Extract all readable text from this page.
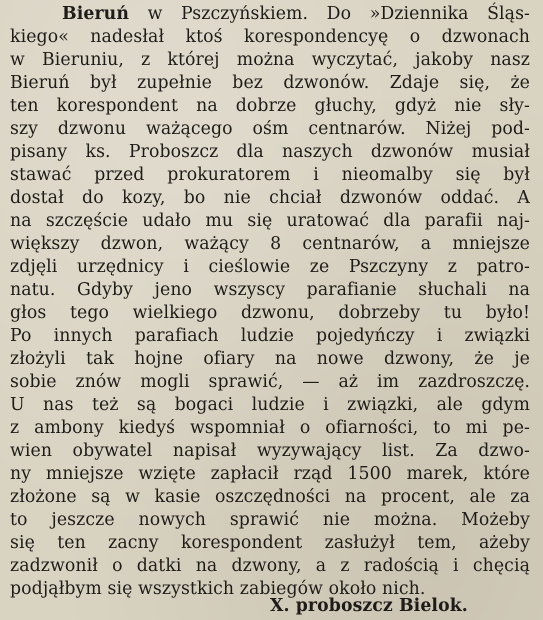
Bieruń w Pszczyńskiem. Do »Dziennika Śląs-
kiego« nadesłał ktoś korespondencyę o dzwonach
w Bieruniu, z której można wyczytać, jakoby nasz
Bieruń był zupełnie bez dzwonów. Zdaje się, że
ten korespondent na dobrze głuchy, gdyż nie sły-
szy dzwonu ważącego ośm centnarów. Niżej pod-
pisany ks. Proboszcz dla naszych dzwonów musiał
stawać przed prokuratorem i nieomalby się był
dostał do kozy, bo nie chciał dzwonów oddać. A
na szczęście udało mu się uratować dla parafii naj-
większy dzwon, ważący 8 centnarów, a mniejsze
zdjęli urzędnicy i cieślowie ze Pszczyny z patro-
natu. Gdyby jeno wszyscy parafianie słuchali na
głos tego wielkiego dzwonu, dobrzeby tu było!
Po innych parafiach ludzie pojedyńczy i związki
złożyli tak hojne ofiary na nowe dzwony, że je
sobie znów mogli sprawić, — aż im zazdroszczę.
U nas też są bogaci ludzie i związki, ale gdym
z ambony kiedyś wspomniał o ofiarności, to mi pe-
wien obywatel napisał wyzywający list. Za dzwo-
ny mniejsze wzięte zapłacił rząd 1500 marek, które
złożone są w kasie oszczędności na procent, ale za
to jeszcze nowych sprawić nie można. Możeby
się ten zacny korespondent zasłużył tem, ażeby
zadzwonił o datki na dzwony, a z radością i chęcią
podjąłbym się wszystkich zabiegów około nich.
X. proboszcz Bielok.
